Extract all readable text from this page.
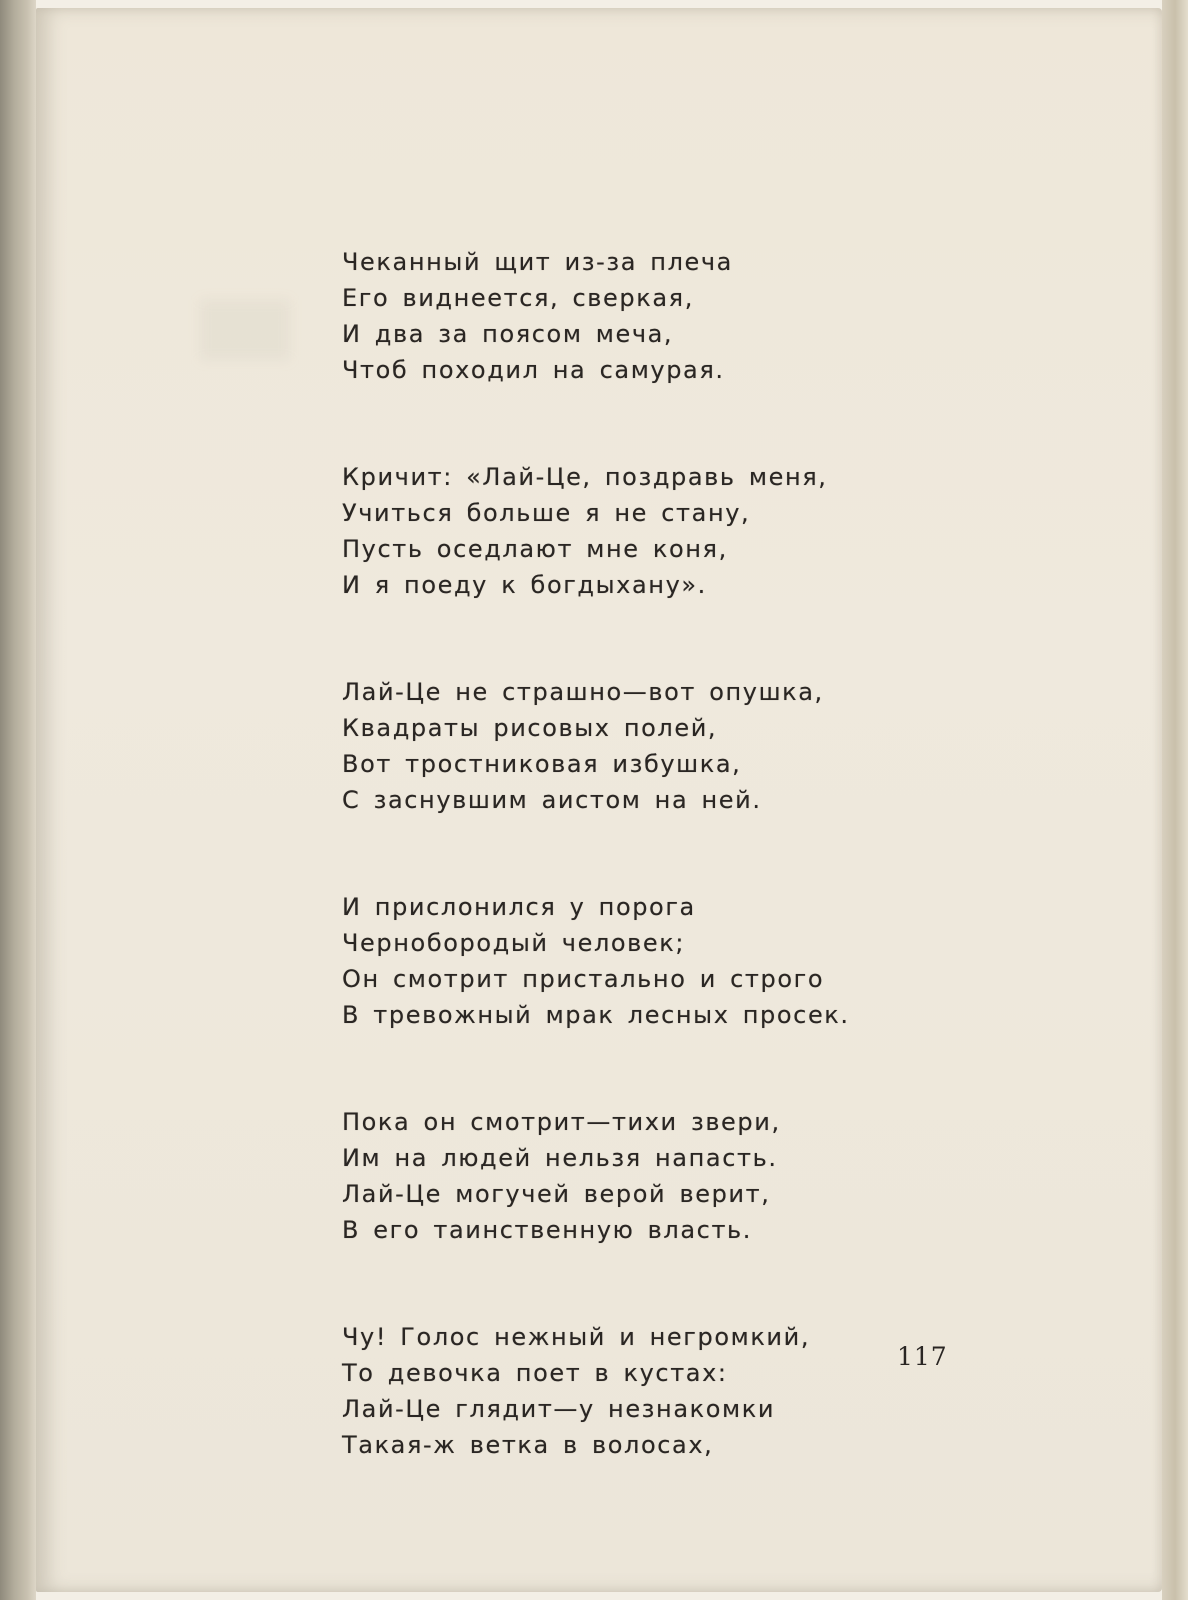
Чеканный щит из-за плеча
Его виднеется, сверкая,
И два за поясом меча,
Чтоб походил на самурая.
Кричит: «Лай-Це, поздравь меня,
Учиться больше я не стану,
Пусть оседлают мне коня,
И я поеду к богдыхану».
Лай-Це не страшно—вот опушка,
Квадраты рисовых полей,
Вот тростниковая избушка,
С заснувшим аистом на ней.
И прислонился у порога
Чернобородый человек;
Он смотрит пристально и строго
В тревожный мрак лесных просек.
Пока он смотрит—тихи звери,
Им на людей нельзя напасть.
Лай-Це могучей верой верит,
В его таинственную власть.
Чу! Голос нежный и негромкий,
То девочка поет в кустах:
Лай-Це глядит—у незнакомки
Такая-ж ветка в волосах,
117
